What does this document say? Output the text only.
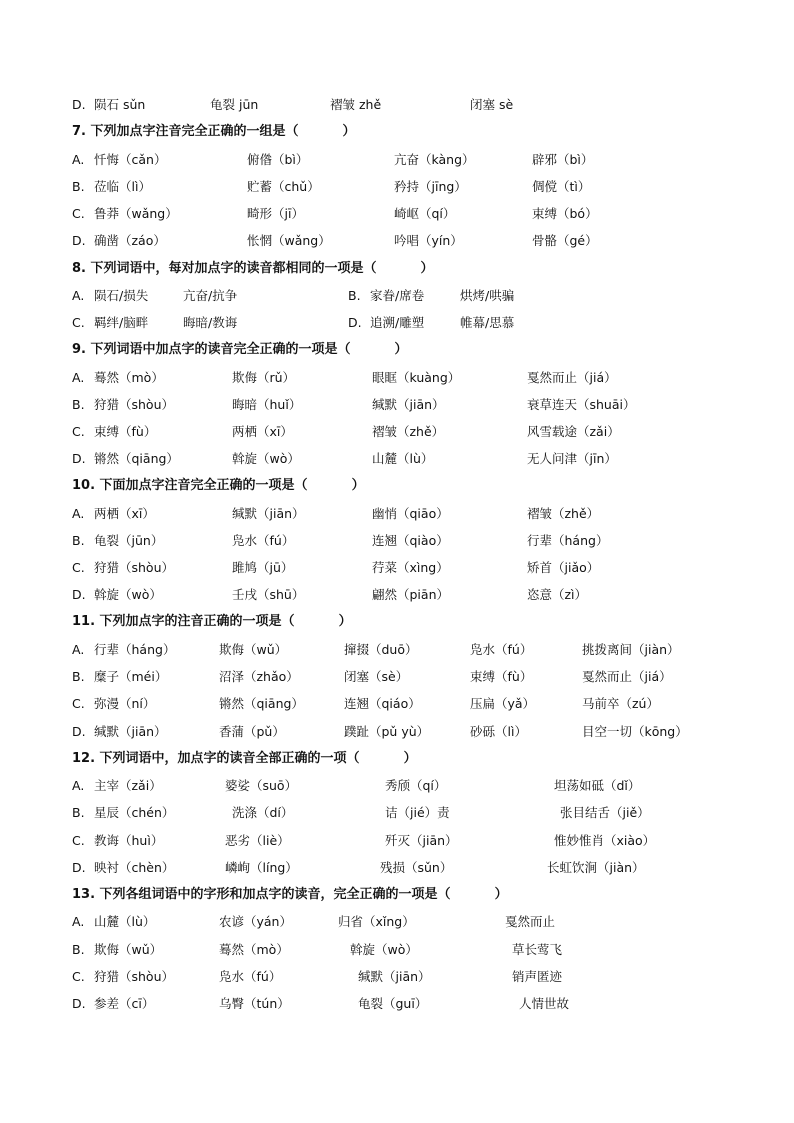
D. 陨石 sǔn	龟裂 jūn	褶皱 zhě	闭塞 sè
7. 下列加点字注音完全正确的一组是（	）
A. 忏悔（cǎn）	俯偺（bì）	亢奋（kàng）	辟邪（bì）
B. 莅临（lì）	贮蓄（chǔ）	矜持（jīng）	倜傥（tì）
C. 鲁莽（wǎng）	畸形（jī）	崎岖（qí）	束缚（bó）
D. 确凿（záo）	怅惘（wǎng）	吟唱（yín）	骨骼（gé）
8. 下列词语中，每对加点字的读音都相同的一项是（	）
A. 陨石/损失	亢奋/抗争	B. 家眷/席卷	烘烤/哄骗
C. 羁绊/脑畔	晦暗/教诲	D. 追溯/雕塑	帷幕/思慕
9. 下列词语中加点字的读音完全正确的一项是（	）
A. 蓦然（mò）	欺侮（rǔ）	眼眶（kuàng）	戛然而止（jiá）
B. 狩猎（shòu）	晦暗（huǐ）	缄默（jiān）	衰草连天（shuāi）
C. 束缚（fù）	两栖（xī）	褶皱（zhě）	风雪载途（zǎi）
D. 锵然（qiāng）	斡旋（wò）	山麓（lù）	无人问津（jīn）
10. 下面加点字注音完全正确的一项是（	）
A. 两栖（xī）	缄默（jiān）	幽悄（qiāo）	褶皱（zhě）
B. 龟裂（jūn）	凫水（fú）	连翘（qiào）	行辈（háng）
C. 狩猎（shòu）	雎鸠（jū）	荇菜（xìng）	矫首（jiǎo）
D. 斡旋（wò）	壬戌（shū）	翩然（piān）	恣意（zì）
11. 下列加点字的注音正确的一项是（	）
A. 行辈（háng）	欺侮（wǔ）	撺掇（duō）	凫水（fú）	挑拨离间（jiàn）
B. 糜子（méi）	沼泽（zhǎo）	闭塞（sè）	束缚（fù）	戛然而止（jiá）
C. 弥漫（ní）	锵然（qiāng）	连翘（qiáo）	压扁（yǎ）	马前卒（zú）
D. 缄默（jiān）	香蒲（pǔ）	蹼趾（pǔ yù）	砂砾（lì）	目空一切（kōng）
12. 下列词语中，加点字的读音全部正确的一项（	）
A. 主宰（zǎi）	婆娑（suō）	秀颀（qí）	坦荡如砥（dǐ）
B. 星辰（chén）	洗涤（dí）	诘（jié）责	张目结舌（jiě）
C. 教诲（huì）	恶劣（liè）	歼灭（jiān）	惟妙惟肖（xiào）
D. 映衬（chèn）	嶙峋（líng）	残损（sǔn）	长虹饮涧（jiàn）
13. 下列各组词语中的字形和加点字的读音，完全正确的一项是（	）
A. 山麓（lù）	农谚（yán）	归省（xǐng）	戛然而止
B. 欺侮（wǔ）	蓦然（mò）	斡旋（wò）	草长莺飞
C. 狩猎（shòu）	凫水（fú）	缄默（jiān）	销声匿迹
D. 参差（cī）	乌臀（tún）	龟裂（guī）	人情世故
